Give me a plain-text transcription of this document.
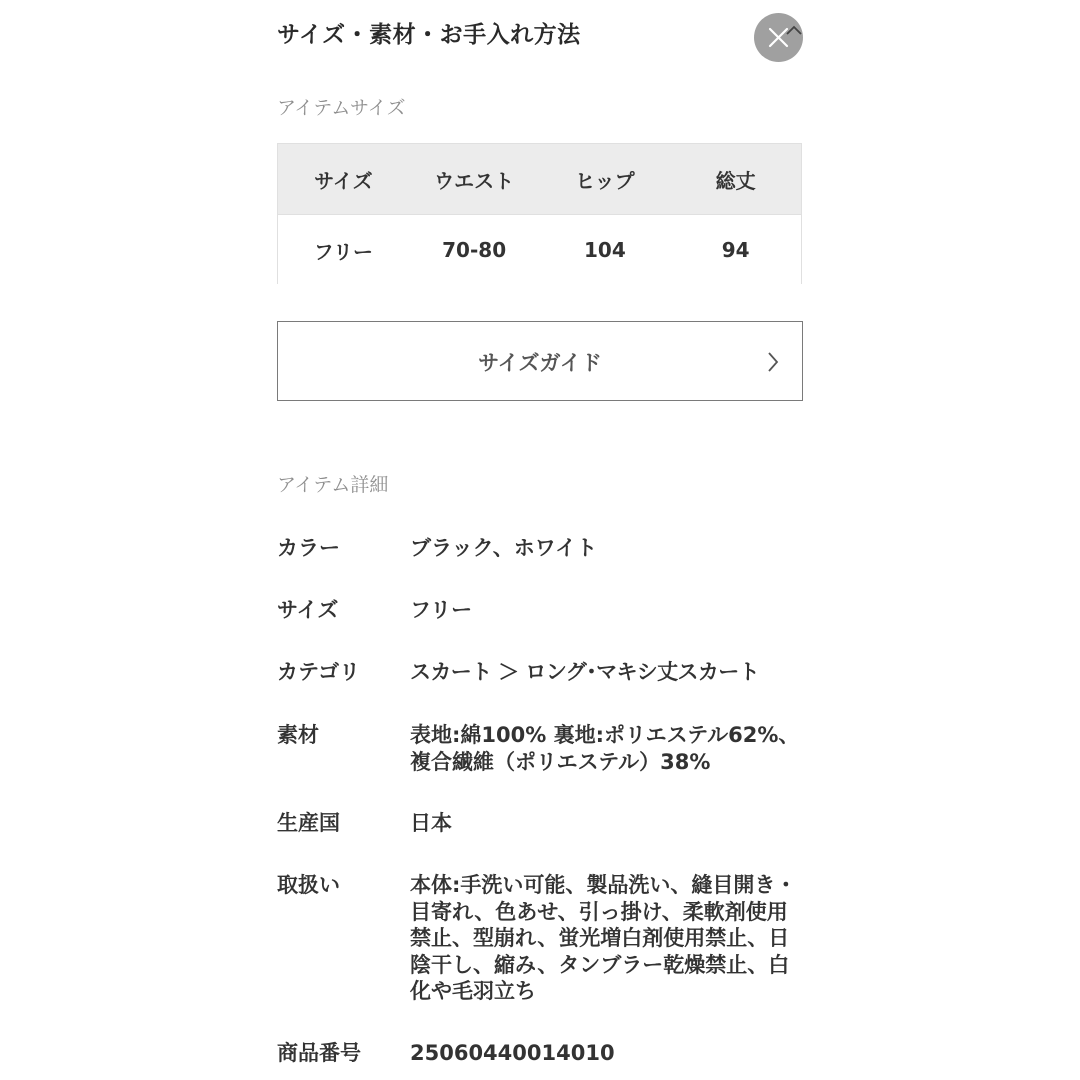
サイズ・素材・お手入れ方法
アイテムサイズ
サイズ	ウエスト	ヒップ	総丈
フリー	70-80	104	94
サイズガイド
アイテム詳細
カラー	ブラック、ホワイト
サイズ	フリー
カテゴリ	スカート ＞ ロング･マキシ丈スカート
素材	表地:綿100% 裏地:ポリエステル62%、複合繊維（ポリエステル）38%
生産国	日本
取扱い	本体:手洗い可能、製品洗い、縫目開き・目寄れ、色あせ、引っ掛け、柔軟剤使用禁止、型崩れ、蛍光増白剤使用禁止、日陰干し、縮み、タンブラー乾燥禁止、白化や毛羽立ち
商品番号	25060440014010
